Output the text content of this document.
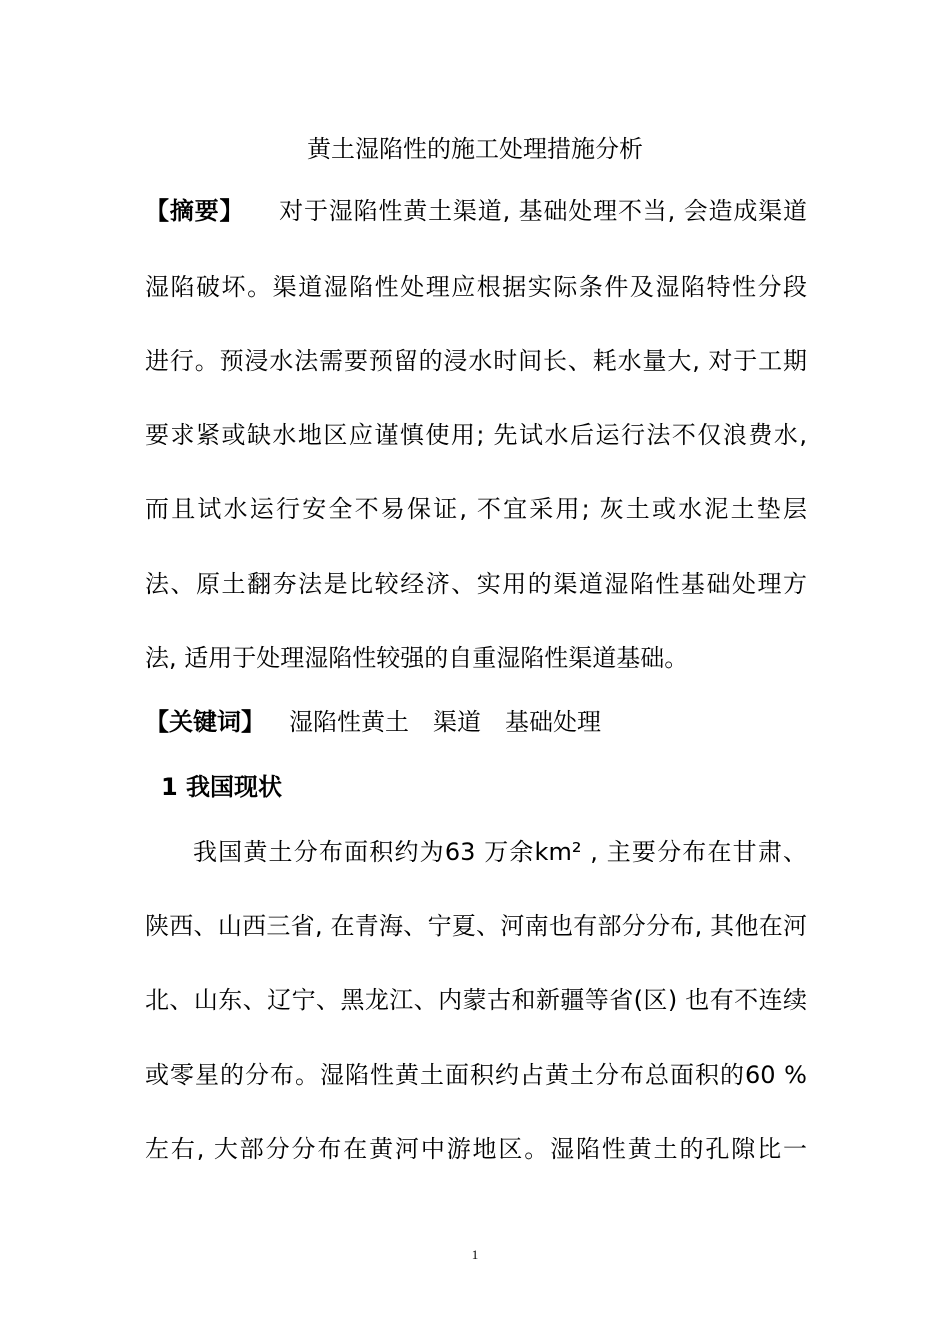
黄土湿陷性的施工处理措施分析
【摘要】 对于湿陷性黄土渠道, 基础处理不当, 会造成渠道
湿陷破坏。渠道湿陷性处理应根据实际条件及湿陷特性分段
进行。预浸水法需要预留的浸水时间长、耗水量大, 对于工期
要求紧或缺水地区应谨慎使用; 先试水后运行法不仅浪费水,
而且试水运行安全不易保证, 不宜采用; 灰土或水泥土垫层
法、原土翻夯法是比较经济、实用的渠道湿陷性基础处理方
法, 适用于处理湿陷性较强的自重湿陷性渠道基础。
【关键词】 湿陷性黄土 渠道 基础处理
1 我国现状
我国黄土分布面积约为63 万余km² , 主要分布在甘肃、
陕西、山西三省, 在青海、宁夏、河南也有部分分布, 其他在河
北、山东、辽宁、黑龙江、内蒙古和新疆等省(区) 也有不连续
或零星的分布。湿陷性黄土面积约占黄土分布总面积的60 %
左右, 大部分分布在黄河中游地区。湿陷性黄土的孔隙比一
1
